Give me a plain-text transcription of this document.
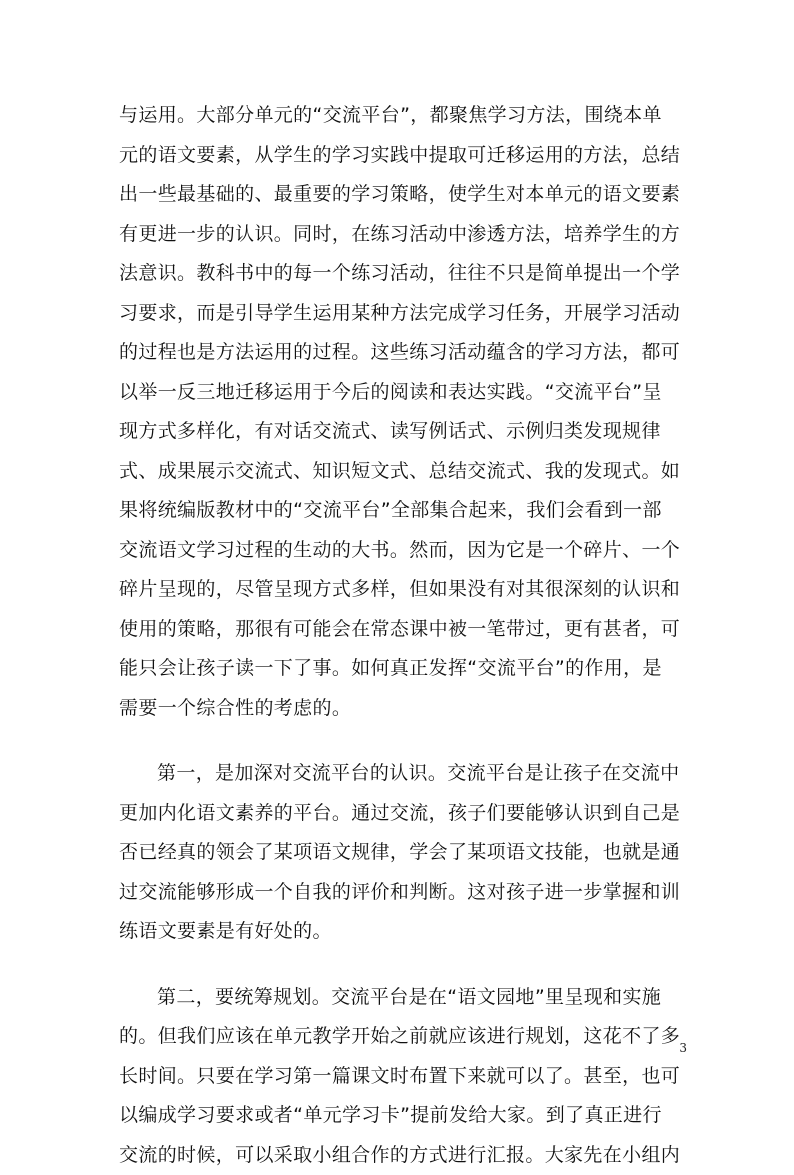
与运用。大部分单元的“交流平台”，都聚焦学习方法，围绕本单
元的语文要素，从学生的学习实践中提取可迁移运用的方法，总结
出一些最基础的、最重要的学习策略，使学生对本单元的语文要素
有更进一步的认识。同时，在练习活动中渗透方法，培养学生的方
法意识。教科书中的每一个练习活动，往往不只是简单提出一个学
习要求，而是引导学生运用某种方法完成学习任务，开展学习活动
的过程也是方法运用的过程。这些练习活动蕴含的学习方法，都可
以举一反三地迁移运用于今后的阅读和表达实践。“交流平台”呈
现方式多样化，有对话交流式、读写例话式、示例归类发现规律
式、成果展示交流式、知识短文式、总结交流式、我的发现式。如
果将统编版教材中的“交流平台”全部集合起来，我们会看到一部
交流语文学习过程的生动的大书。然而，因为它是一个碎片、一个
碎片呈现的，尽管呈现方式多样，但如果没有对其很深刻的认识和
使用的策略，那很有可能会在常态课中被一笔带过，更有甚者，可
能只会让孩子读一下了事。如何真正发挥“交流平台”的作用，是
需要一个综合性的考虑的。
第一，是加深对交流平台的认识。交流平台是让孩子在交流中
更加内化语文素养的平台。通过交流，孩子们要能够认识到自己是
否已经真的领会了某项语文规律，学会了某项语文技能，也就是通
过交流能够形成一个自我的评价和判断。这对孩子进一步掌握和训
练语文要素是有好处的。
第二，要统筹规划。交流平台是在“语文园地”里呈现和实施
的。但我们应该在单元教学开始之前就应该进行规划，这花不了多
长时间。只要在学习第一篇课文时布置下来就可以了。甚至，也可
以编成学习要求或者“单元学习卡”提前发给大家。到了真正进行
交流的时候，可以采取小组合作的方式进行汇报。大家先在小组内
3
